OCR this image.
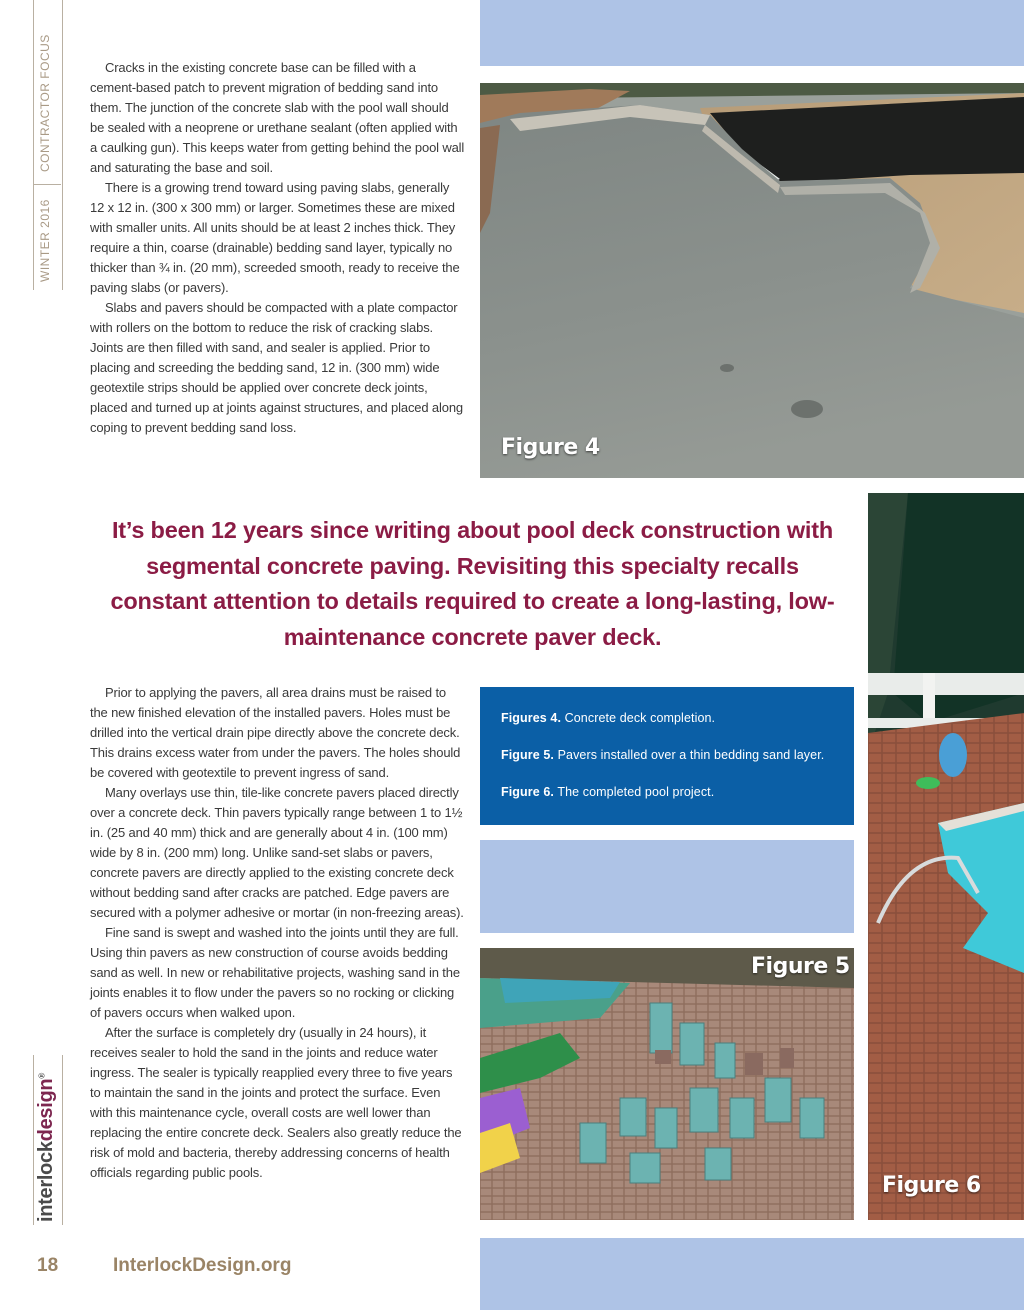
CONTRACTOR FOCUS
WINTER 2016
interlockdesign®

Cracks in the existing concrete base can be filled with a cement-based patch to prevent migration of bedding sand into them. The junction of the concrete slab with the pool wall should be sealed with a neoprene or urethane sealant (often applied with a caulking gun). This keeps water from getting behind the pool wall and saturating the base and soil.

There is a growing trend toward using paving slabs, generally 12 x 12 in. (300 x 300 mm) or larger. Sometimes these are mixed with smaller units. All units should be at least 2 inches thick. They require a thin, coarse (drainable) bedding sand layer, typically no thicker than ¾ in. (20 mm), screeded smooth, ready to receive the paving slabs (or pavers).

Slabs and pavers should be compacted with a plate compactor with rollers on the bottom to reduce the risk of cracking slabs. Joints are then filled with sand, and sealer is applied. Prior to placing and screeding the bedding sand, 12 in. (300 mm) wide geotextile strips should be applied over concrete deck joints, placed and turned up at joints against structures, and placed along coping to prevent bedding sand loss.

Figure 4
It’s been 12 years since writing about pool deck construction with segmental concrete paving. Revisiting this specialty recalls constant attention to details required to create a long-lasting, low-maintenance concrete paver deck.
Figure 6

Prior to applying the pavers, all area drains must be raised to the new finished elevation of the installed pavers. Holes must be drilled into the vertical drain pipe directly above the concrete deck. This drains excess water from under the pavers. The holes should be covered with geotextile to prevent ingress of sand.

Many overlays use thin, tile-like concrete pavers placed directly over a concrete deck. Thin pavers typically range between 1 to 1½ in. (25 and 40 mm) thick and are generally about 4 in. (100 mm) wide by 8 in. (200 mm) long. Unlike sand-set slabs or pavers, concrete pavers are directly applied to the existing concrete deck without bedding sand after cracks are patched. Edge pavers are secured with a polymer adhesive or mortar (in non-freezing areas).

Fine sand is swept and washed into the joints until they are full. Using thin pavers as new construction of course avoids bedding sand as well. In new or rehabilitative projects, washing sand in the joints enables it to flow under the pavers so no rocking or clicking of pavers occurs when walked upon.

After the surface is completely dry (usually in 24 hours), it receives sealer to hold the sand in the joints and reduce water ingress. The sealer is typically reapplied every three to five years to maintain the sand in the joints and protect the surface. Even with this maintenance cycle, overall costs are well lower than replacing the entire concrete deck. Sealers also greatly reduce the risk of mold and bacteria, thereby addressing concerns of health officials regarding public pools.

Figures 4. Concrete deck completion.
Figure 5. Pavers installed over a thin bedding sand layer.
Figure 6. The completed pool project.
Figure 5
18	InterlockDesign.org
